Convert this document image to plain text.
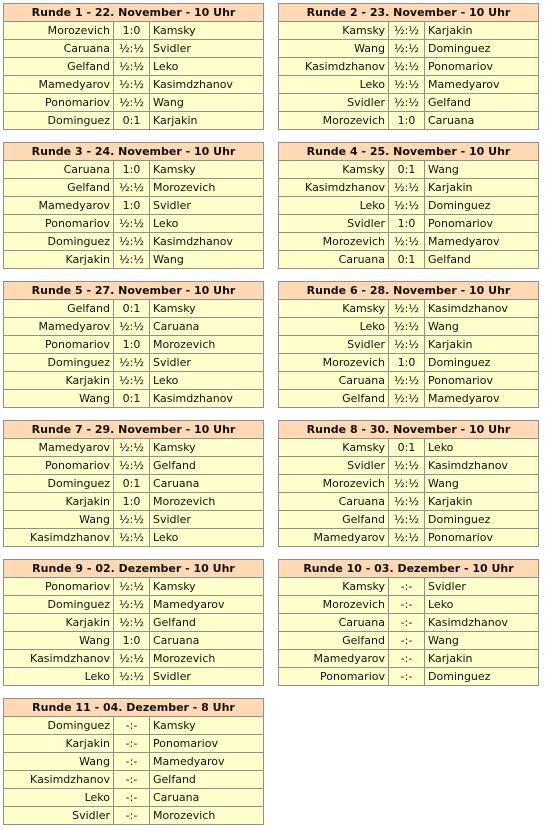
Runde 1 - 22. November - 10 Uhr
Morozevich	1:0	Kamsky
Caruana ½:½ Svidler
Gelfand ½:½ Leko
Mamedyarov ½:½ Kasimdzhanov
Ponomariov ½:½ Wang
Dominguez	0:1	Karjakin
Runde 2 - 23. November - 10 Uhr
Kamsky ½:½ Karjakin
Wang ½:½ Dominguez
Kasimdzhanov ½:½ Ponomariov
Leko ½:½ Mamedyarov
Svidler ½:½ Gelfand
Morozevich	1:0	Caruana
Runde 3 - 24. November - 10 Uhr
Caruana	1:0	Kamsky
Gelfand ½:½ Morozevich
Mamedyarov	1:0	Svidler
Ponomariov ½:½ Leko
Dominguez ½:½ Kasimdzhanov
Karjakin ½:½ Wang
Runde 4 - 25. November - 10 Uhr
Kamsky	0:1	Wang
Kasimdzhanov ½:½ Karjakin
Leko ½:½ Dominguez
Svidler	1:0	Ponomariov
Morozevich ½:½ Mamedyarov
Caruana	0:1	Gelfand
Runde 5 - 27. November - 10 Uhr
Gelfand	0:1	Kamsky
Mamedyarov ½:½ Caruana
Ponomariov	1:0	Morozevich
Dominguez ½:½ Svidler
Karjakin ½:½ Leko
Wang	0:1	Kasimdzhanov
Runde 6 - 28. November - 10 Uhr
Kamsky ½:½ Kasimdzhanov
Leko ½:½ Wang
Svidler ½:½ Karjakin
Morozevich	1:0	Dominguez
Caruana ½:½ Ponomariov
Gelfand ½:½ Mamedyarov
Runde 7 - 29. November - 10 Uhr
Mamedyarov ½:½ Kamsky
Ponomariov ½:½ Gelfand
Dominguez	0:1	Caruana
Karjakin	1:0	Morozevich
Wang ½:½ Svidler
Kasimdzhanov ½:½ Leko
Runde 8 - 30. November - 10 Uhr
Kamsky	0:1	Leko
Svidler ½:½ Kasimdzhanov
Morozevich ½:½ Wang
Caruana ½:½ Karjakin
Gelfand ½:½ Dominguez
Mamedyarov ½:½ Ponomariov
Runde 9 - 02. Dezember - 10 Uhr
Ponomariov ½:½ Kamsky
Dominguez ½:½ Mamedyarov
Karjakin ½:½ Gelfand
Wang	1:0	Caruana
Kasimdzhanov ½:½ Morozevich
Leko ½:½ Svidler
Runde 10 - 03. Dezember - 10 Uhr
Kamsky	-:-	Svidler
Morozevich	-:-	Leko
Caruana	-:-	Kasimdzhanov
Gelfand	-:-	Wang
Mamedyarov	-:-	Karjakin
Ponomariov	-:-	Dominguez
Runde 11 - 04. Dezember - 8 Uhr
Dominguez	-:-	Kamsky
Karjakin	-:-	Ponomariov
Wang	-:-	Mamedyarov
Kasimdzhanov	-:-	Gelfand
Leko	-:-	Caruana
Svidler	-:-	Morozevich
